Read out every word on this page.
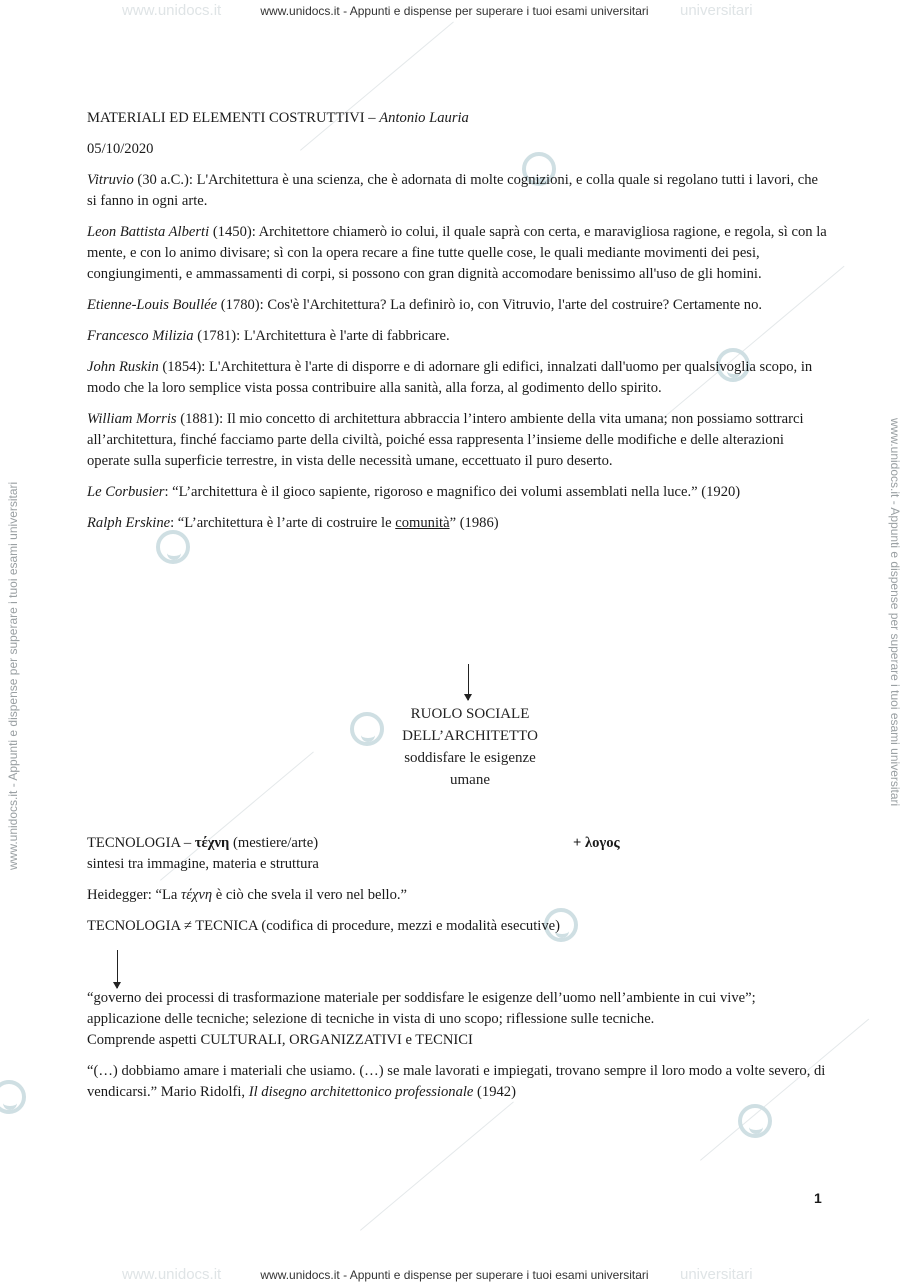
www.unidocs.it	universitari
www.unidocs.it - Appunti e dispense per superare i tuoi esami universitari
www.unidocs.it	universitari
www.unidocs.it - Appunti e dispense per superare i tuoi esami universitari
www.unidocs.it - Appunti e dispense per superare i tuoi esami universitari	www.unidocs.it - Appunti e dispense per superare i tuoi esami universitari

MATERIALI ED ELEMENTI COSTRUTTIVI – Antonio Lauria

05/10/2020

Vitruvio (30 a.C.): L'Architettura è una scienza, che è adornata di molte cognizioni, e colla quale si regolano tutti i lavori, che si fanno in ogni arte.

Leon Battista Alberti (1450): Architettore chiamerò io colui, il quale saprà con certa, e maravigliosa ragione, e regola, sì con la mente, e con lo animo divisare; sì con la opera recare a fine tutte quelle cose, le quali mediante movimenti dei pesi, congiungimenti, e ammassamenti di corpi, si possono con gran dignità accomodare benissimo all'uso de gli homini.

Etienne-Louis Boullée (1780): Cos'è l'Architettura? La definirò io, con Vitruvio, l'arte del costruire? Certamente no.

Francesco Milizia (1781): L'Architettura è l'arte di fabbricare.

John Ruskin (1854): L'Architettura è l'arte di disporre e di adornare gli edifici, innalzati dall'uomo per qualsivoglia scopo, in modo che la loro semplice vista possa contribuire alla sanità, alla forza, al godimento dello spirito.

William Morris (1881): Il mio concetto di architettura abbraccia l’intero ambiente della vita umana; non possiamo sottrarci all’architettura, finché facciamo parte della civiltà, poiché essa rappresenta l’insieme delle modifiche e delle alterazioni operate sulla superficie terrestre, in vista delle necessità umane, eccettuato il puro deserto.

Le Corbusier: “L’architettura è il gioco sapiente, rigoroso e magnifico dei volumi assemblati nella luce.” (1920)

Ralph Erskine: “L’architettura è l’arte di costruire le comunità” (1986)

RUOLO SOCIALE
DELL’ARCHITETTO
soddisfare le esigenze
umane
TECNOLOGIA – τέχνη (mestiere/arte)	+ λογος

sintesi tra immagine, materia e struttura

Heidegger: “La τέχνη è ciò che svela il vero nel bello.”

TECNOLOGIA ≠ TECNICA (codifica di procedure, mezzi e modalità esecutive)

“governo dei processi di trasformazione materiale per soddisfare le esigenze dell’uomo nell’ambiente in cui vive”; applicazione delle tecniche; selezione di tecniche in vista di uno scopo; riflessione sulle tecniche.

Comprende aspetti CULTURALI, ORGANIZZATIVI e TECNICI

“(…) dobbiamo amare i materiali che usiamo. (…) se male lavorati e impiegati, trovano sempre il loro modo a volte severo, di vendicarsi.” Mario Ridolfi, Il disegno architettonico professionale (1942)

1
